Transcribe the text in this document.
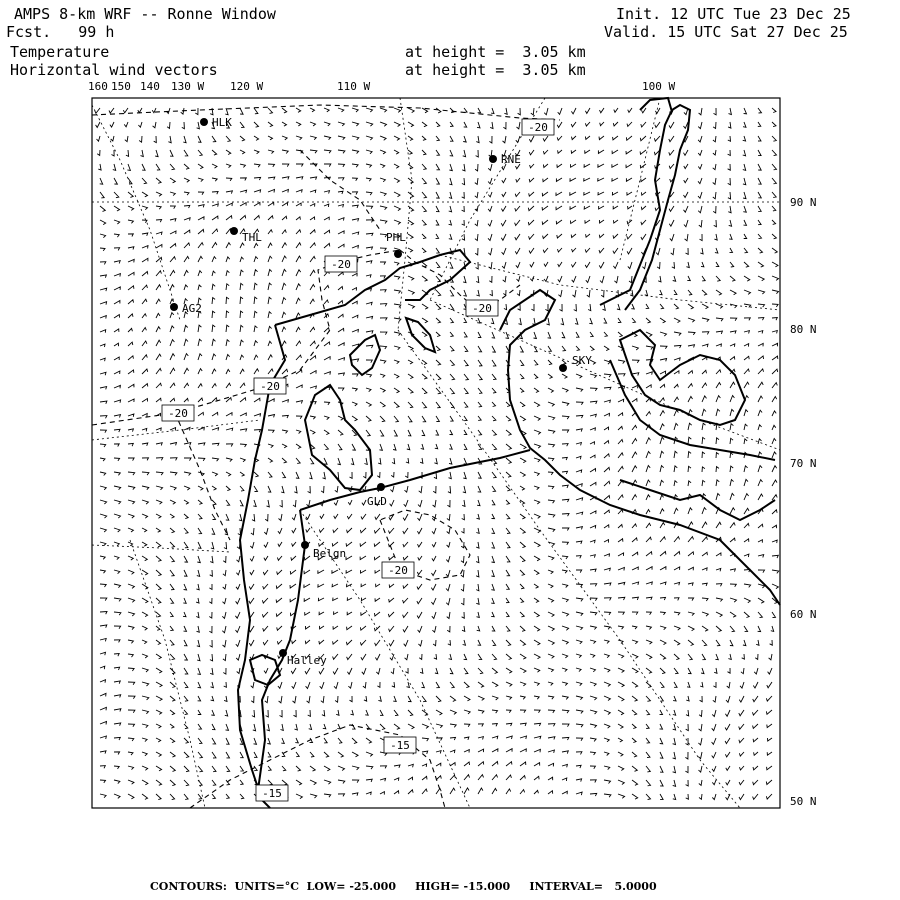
AMPS 8-km WRF -- Ronne Window
Fcst.   99 h
Temperature
Horizontal wind vectors
at height =  3.05 km
at height =  3.05 km
Init. 12 UTC Tue 23 Dec 25
Valid. 15 UTC Sat 27 Dec 25
-20
-20
-20
-20
-20
-20
-15
-15
HLK
RNE
THL	PHL
AG2
SKY
GLD
Belgn
Halley
160 150 140 130 W 120 W	110 W	100 W
90 N
80 N
70 N
60 N
50 N
CONTOURS:  UNITS=°C  LOW= -25.000     HIGH= -15.000     INTERVAL=   5.0000
